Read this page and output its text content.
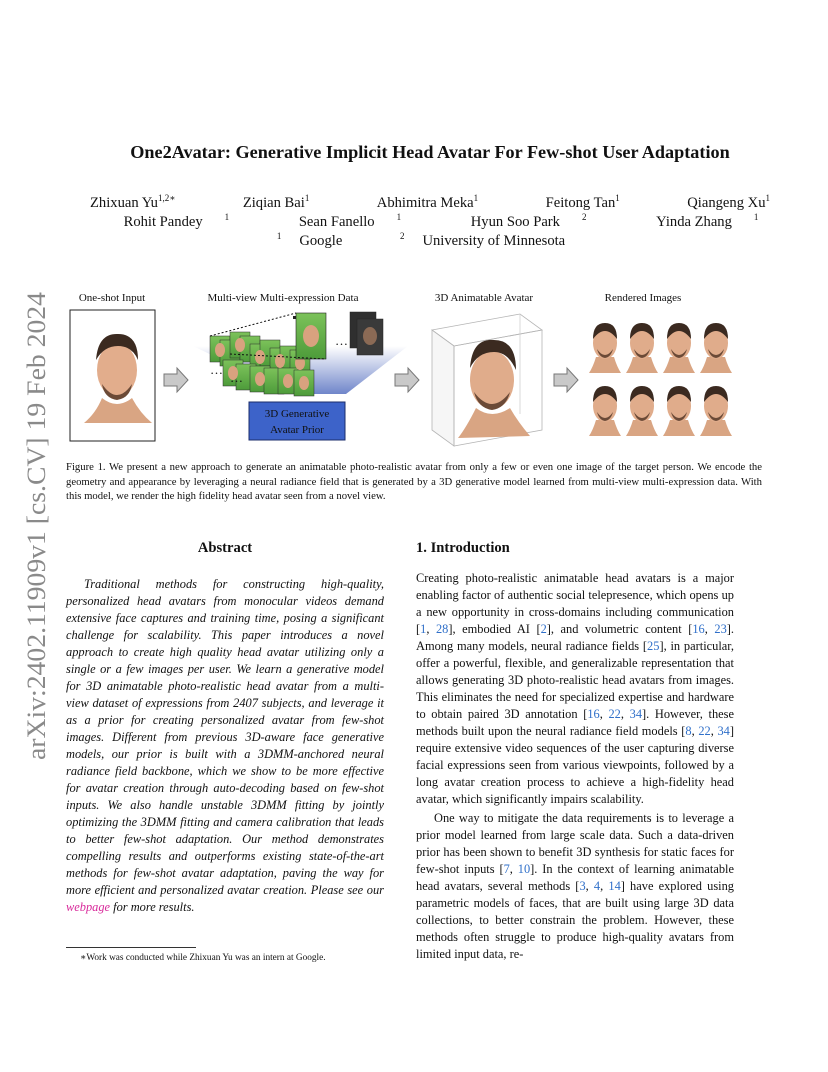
arXiv:2402.11909v1 [cs.CV] 19 Feb 2024
One2Avatar: Generative Implicit Head Avatar For Few-shot User Adaptation
Zhixuan $Yu^{1,2∗}$	Ziqian Bai$^1$	Abhimitra Meka$^1$	Feitong Tan$^1$	Qiangeng Xu$^1$
Rohit Pandey $^1$	Sean Fanello $^1$	Hyun Soo Park $^2$	Yinda Zhang $^1$
$^1$ Google	$^2$ University of Minnesota
One-shot Input	Multi-view Multi-expression Data	3D Animatable Avatar	Rendered Images
…
…
…
3D Generative
Avatar Prior
Figure 1. We present a new approach to generate an animatable photo-realistic avatar from only a few or even one image of the target person. We encode the geometry and appearance by leveraging a neural radiance field that is generated by a 3D generative model learned from multi-view multi-expression data. With this model, we render the high fidelity head avatar seen from a novel view.
Abstract
Traditional methods for constructing high-quality, personalized head avatars from monocular videos demand extensive face captures and training time, posing a significant challenge for scalability. This paper introduces a novel approach to create high quality head avatar utilizing only a single or a few images per user. We learn a generative model for 3D animatable photo-realistic head avatar from a multi-view dataset of expressions from 2407 subjects, and leverage it as a prior for creating personalized avatar from few-shot images. Different from previous 3D-aware face generative models, our prior is built with a 3DMM-anchored neural radiance field backbone, which we show to be more effective for avatar creation through auto-decoding based on few-shot inputs. We also handle unstable 3DMM fitting by jointly optimizing the 3DMM fitting and camera calibration that leads to better few-shot adaptation. Our method demonstrates compelling results and outperforms existing state-of-the-art methods for few-shot avatar adaptation, paving the way for more efficient and personalized avatar creation. Please see our webpage for more results.
1. Introduction

Creating photo-realistic animatable head avatars is a major enabling factor of authentic social telepresence, which opens up a new opportunity in cross-domains including communication [1, 28], embodied AI [2], and volumetric content [16, 23]. Among many models, neural radiance fields [25], in particular, offer a powerful, flexible, and generalizable representation that allows generating 3D photo-realistic head avatars from images. This eliminates the need for specialized expertise and hardware to obtain paired 3D annotation [16, 22, 34]. However, these methods built upon the neural radiance field models [8, 22, 34] require extensive video sequences of the user capturing diverse facial expressions seen from various viewpoints, followed by a long avatar creation process to achieve a high-fidelity head avatar, which significantly impairs scalability.

One way to mitigate the data requirements is to leverage a prior model learned from large scale data. Such a data-driven prior has been shown to benefit 3D synthesis for static faces for few-shot inputs [7, 10]. In the context of learning animatable head avatars, several methods [3, 4, 14] have explored using parametric models of faces, that are built using large 3D data collections, to better constrain the problem. However, these methods often struggle to produce high-quality avatars from limited input data, re-

∗Work was conducted while Zhixuan Yu was an intern at Google.
